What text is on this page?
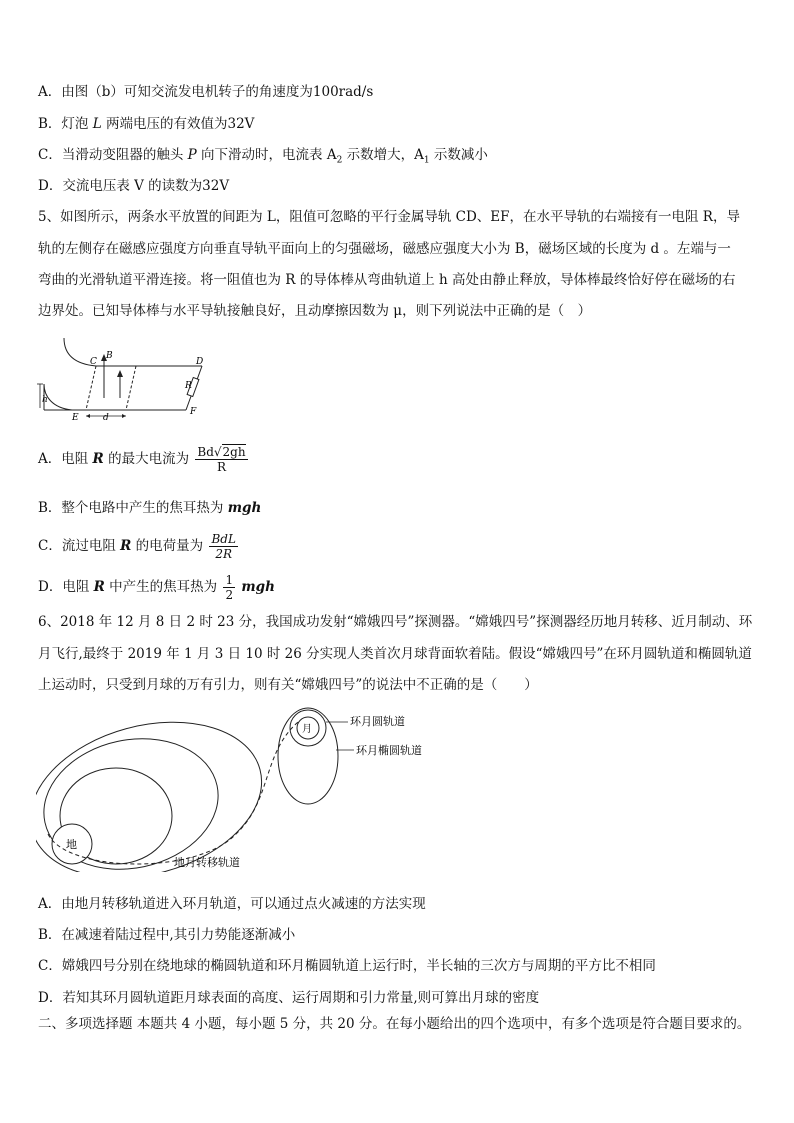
A．由图（b）可知交流发电机转子的角速度为100rad/s
B．灯泡 L 两端电压的有效值为32V
C．当滑动变阻器的触头 P 向下滑动时，电流表 $A_2$ 示数增大，$A_1$ 示数减小
D．交流电压表 V 的读数为32V
5、如图所示，两条水平放置的间距为 L，阻值可忽略的平行金属导轨 CD、EF，在水平导轨的右端接有一电阻 R，导
轨的左侧存在磁感应强度方向垂直导轨平面向上的匀强磁场，磁感应强度大小为 B，磁场区域的长度为 d 。左端与一
弯曲的光滑轨道平滑连接。将一阻值也为 R 的导体棒从弯曲轨道上 h 高处由静止释放，导体棒最终恰好停在磁场的右
边界处。已知导体棒与水平导轨接触良好，且动摩擦因数为 μ，则下列说法中正确的是（　）
C
B
D
R
h
E
F
d
A．电阻 R 的最大电流为 $\frac{Bd√2gh}{R}$
B．整个电路中产生的焦耳热为 mgh
C．流过电阻 R 的电荷量为 $\frac{\text{BdL}}{2R}$
D．电阻 R 中产生的焦耳热为 $\frac{1}{2}$ mgh
6、2018 年 12 月 8 日 2 时 23 分，我国成功发射“嫦娥四号”探测器。“嫦娥四号”探测器经历地月转移、近月制动、环
月飞行,最终于 2019 年 1 月 3 日 10 时 26 分实现人类首次月球背面软着陆。假设“嫦娥四号”在环月圆轨道和椭圆轨道
上运动时，只受到月球的万有引力，则有关“嫦娥四号”的说法中不正确的是（　　）
地
月
环月圆轨道
环月椭圆轨道
地月转移轨道
A．由地月转移轨道进入环月轨道，可以通过点火减速的方法实现
B．在减速着陆过程中,其引力势能逐渐减小
C．嫦娥四号分别在绕地球的椭圆轨道和环月椭圆轨道上运行时，半长轴的三次方与周期的平方比不相同
D．若知其环月圆轨道距月球表面的高度、运行周期和引力常量,则可算出月球的密度
二、多项选择题 本题共 4 小题，每小题 5 分，共 20 分。在每小题给出的四个选项中，有多个选项是符合题目要求的。
